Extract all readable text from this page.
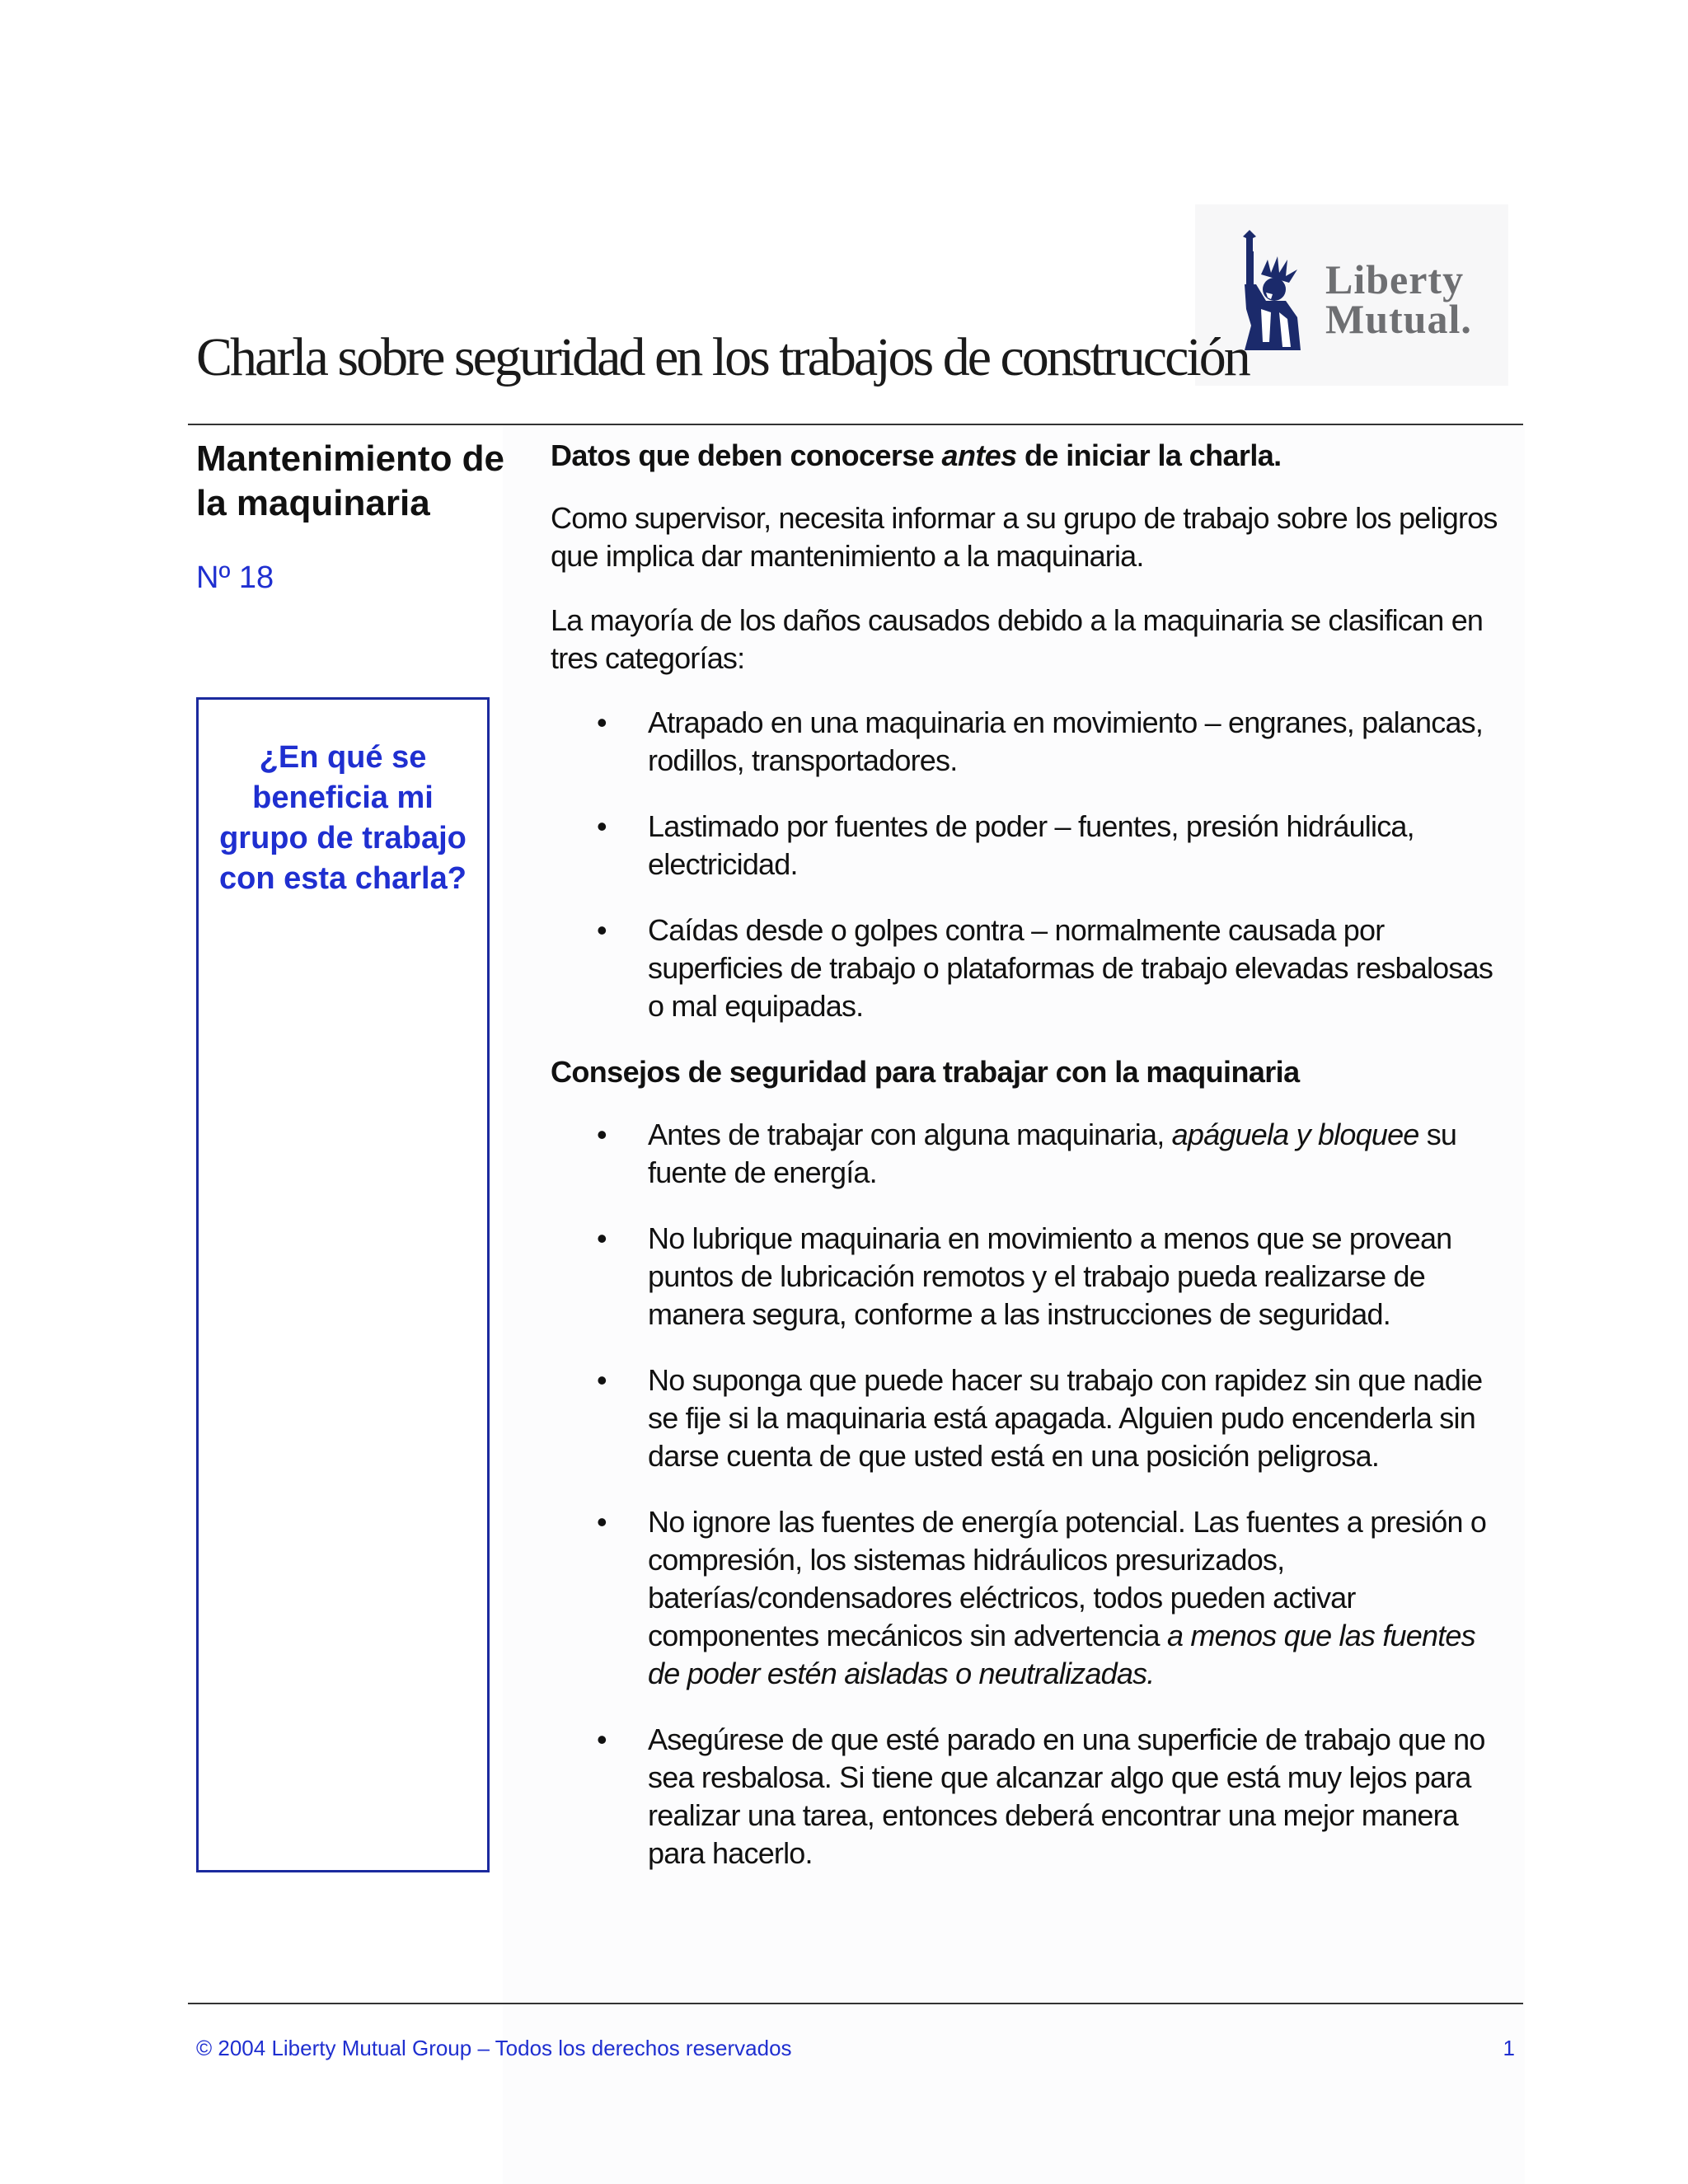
Liberty
Mutual.
Charla sobre seguridad en los trabajos de construcción
Mantenimiento de la maquinaria
Nº 18
¿En qué se beneficia mi grupo de trabajo con esta charla?

Datos que deben conocerse antes de iniciar la charla.

Como supervisor, necesita informar a su grupo de trabajo sobre los peligros que implica dar mantenimiento a la maquinaria.

La mayoría de los daños causados debido a la maquinaria se clasifican en tres categorías:

• Atrapado en una maquinaria en movimiento – engranes, palancas, rodillos, transportadores.
• Lastimado por fuentes de poder – fuentes, presión hidráulica, electricidad.
• Caídas desde o golpes contra – normalmente causada por superficies de trabajo o plataformas de trabajo elevadas resbalosas o mal equipadas.

Consejos de seguridad para trabajar con la maquinaria

• Antes de trabajar con alguna maquinaria, apáguela y bloquee su fuente de energía.
• No lubrique maquinaria en movimiento a menos que se provean puntos de lubricación remotos y el trabajo pueda realizarse de manera segura, conforme a las instrucciones de seguridad.
• No suponga que puede hacer su trabajo con rapidez sin que nadie se fije si la maquinaria está apagada. Alguien pudo encenderla sin darse cuenta de que usted está en una posición peligrosa.
• No ignore las fuentes de energía potencial. Las fuentes a presión o compresión, los sistemas hidráulicos presurizados, baterías/condensadores eléctricos, todos pueden activar componentes mecánicos sin advertencia a menos que las fuentes de poder estén aisladas o neutralizadas.
• Asegúrese de que esté parado en una superficie de trabajo que no sea resbalosa. Si tiene que alcanzar algo que está muy lejos para realizar una tarea, entonces deberá encontrar una mejor manera para hacerlo.
© 2004 Liberty Mutual Group – Todos los derechos reservados	1
